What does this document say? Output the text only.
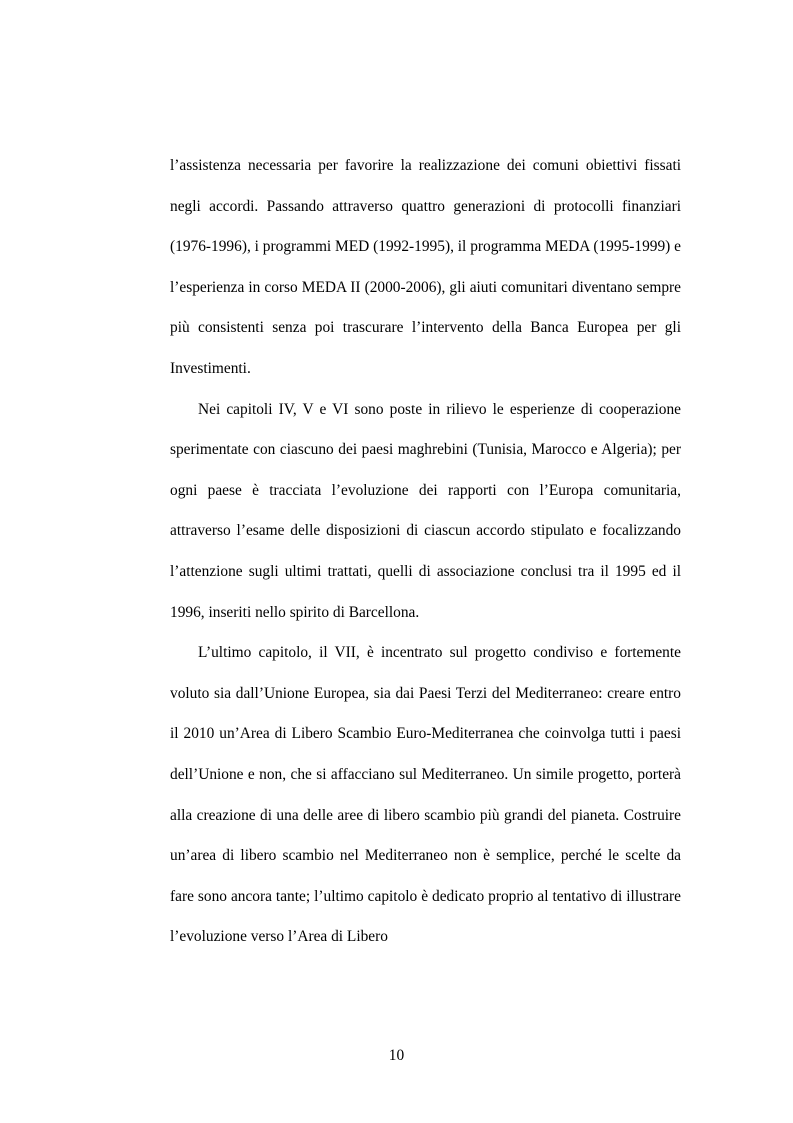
l’assistenza necessaria per favorire la realizzazione dei comuni obiettivi fissati negli accordi. Passando attraverso quattro generazioni di protocolli finanziari (1976-1996), i programmi MED (1992-1995), il programma MEDA (1995-1999) e l’esperienza in corso MEDA II (2000-2006), gli aiuti comunitari diventano sempre più consistenti senza poi trascurare l’intervento della Banca Europea per gli Investimenti.

Nei capitoli IV, V e VI sono poste in rilievo le esperienze di cooperazione sperimentate con ciascuno dei paesi maghrebini (Tunisia, Marocco e Algeria); per ogni paese è tracciata l’evoluzione dei rapporti con l’Europa comunitaria, attraverso l’esame delle disposizioni di ciascun accordo stipulato e focalizzando l’attenzione sugli ultimi trattati, quelli di associazione conclusi tra il 1995 ed il 1996, inseriti nello spirito di Barcellona.

L’ultimo capitolo, il VII, è incentrato sul progetto condiviso e fortemente voluto sia dall’Unione Europea, sia dai Paesi Terzi del Mediterraneo: creare entro il 2010 un’Area di Libero Scambio Euro-Mediterranea che coinvolga tutti i paesi dell’Unione e non, che si affacciano sul Mediterraneo. Un simile progetto, porterà alla creazione di una delle aree di libero scambio più grandi del pianeta. Costruire un’area di libero scambio nel Mediterraneo non è semplice, perché le scelte da fare sono ancora tante; l’ultimo capitolo è dedicato proprio al tentativo di illustrare l’evoluzione verso l’Area di Libero

10
